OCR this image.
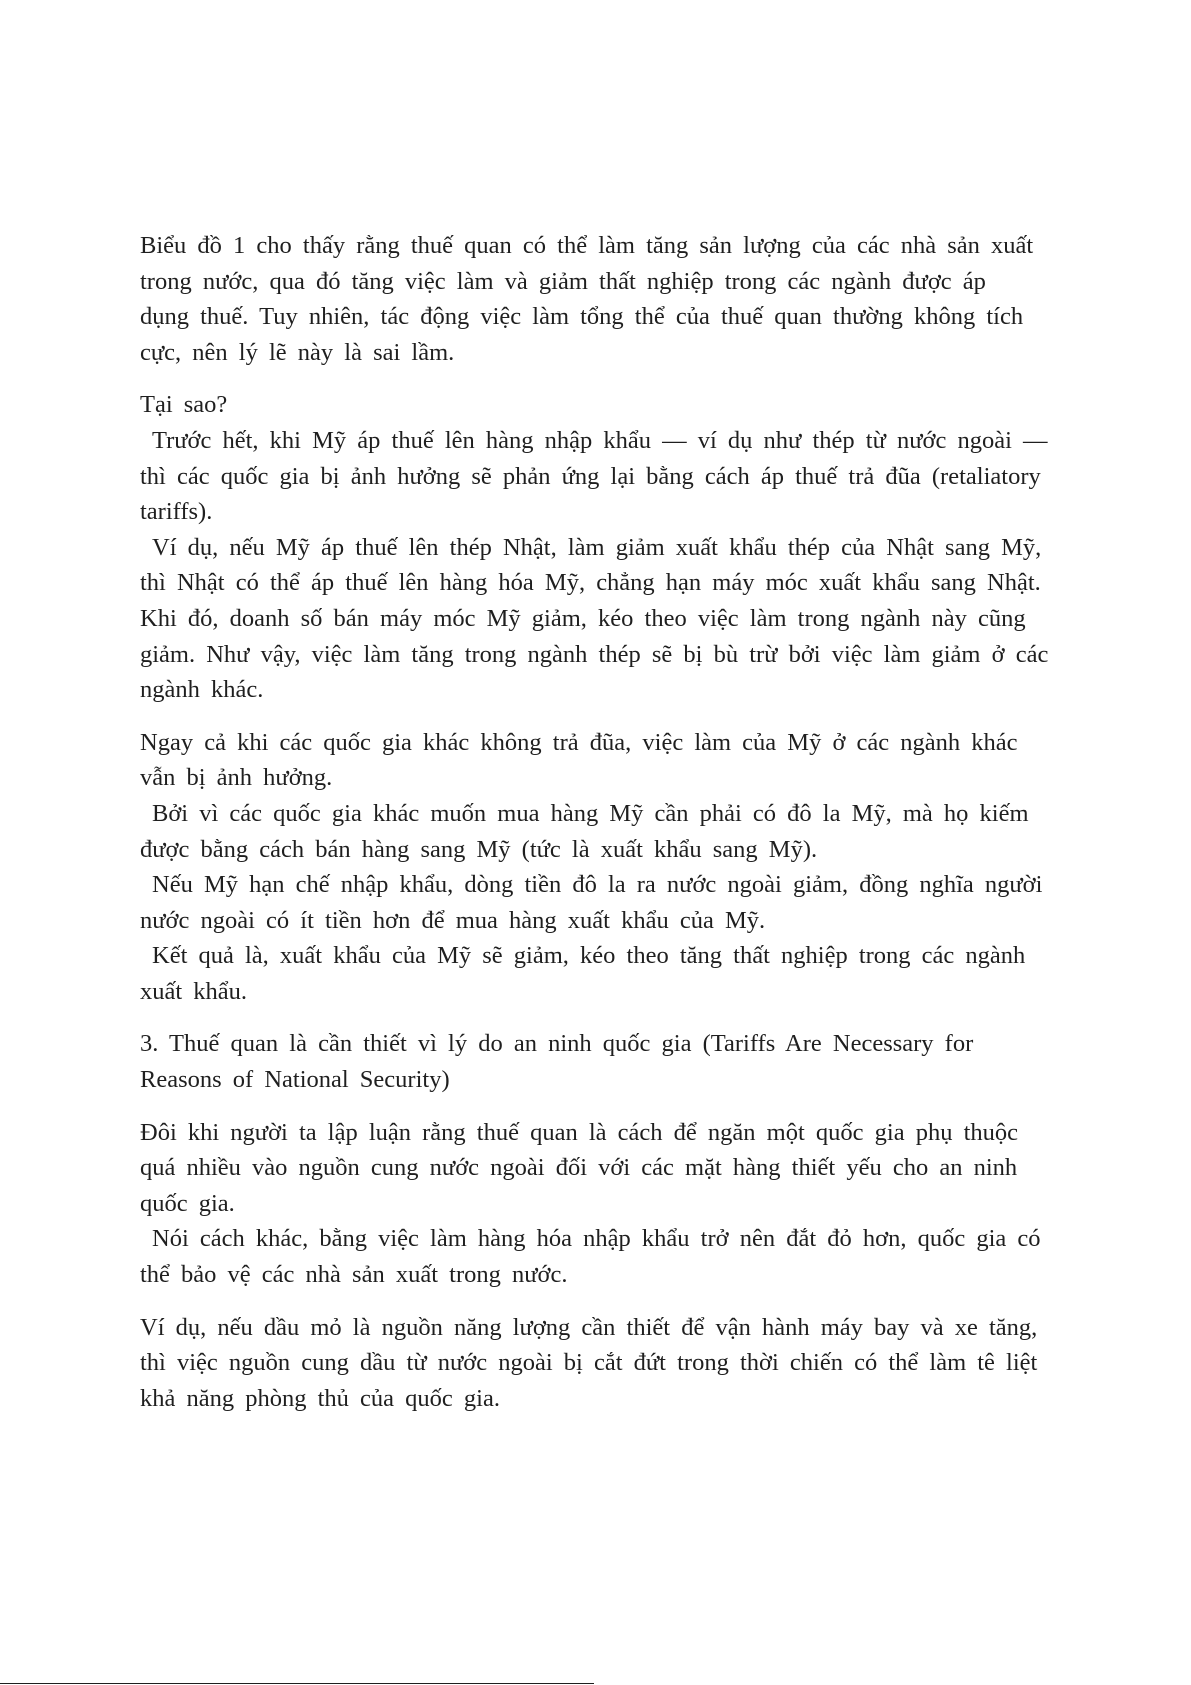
Biểu đồ 1 cho thấy rằng thuế quan có thể làm tăng sản lượng của các nhà sản xuất
trong nước, qua đó tăng việc làm và giảm thất nghiệp trong các ngành được áp
dụng thuế. Tuy nhiên, tác động việc làm tổng thể của thuế quan thường không tích
cực, nên lý lẽ này là sai lầm.
Tại sao?
Trước hết, khi Mỹ áp thuế lên hàng nhập khẩu — ví dụ như thép từ nước ngoài —
thì các quốc gia bị ảnh hưởng sẽ phản ứng lại bằng cách áp thuế trả đũa (retaliatory
tariffs).
Ví dụ, nếu Mỹ áp thuế lên thép Nhật, làm giảm xuất khẩu thép của Nhật sang Mỹ,
thì Nhật có thể áp thuế lên hàng hóa Mỹ, chẳng hạn máy móc xuất khẩu sang Nhật.
Khi đó, doanh số bán máy móc Mỹ giảm, kéo theo việc làm trong ngành này cũng
giảm. Như vậy, việc làm tăng trong ngành thép sẽ bị bù trừ bởi việc làm giảm ở các
ngành khác.
Ngay cả khi các quốc gia khác không trả đũa, việc làm của Mỹ ở các ngành khác
vẫn bị ảnh hưởng.
Bởi vì các quốc gia khác muốn mua hàng Mỹ cần phải có đô la Mỹ, mà họ kiếm
được bằng cách bán hàng sang Mỹ (tức là xuất khẩu sang Mỹ).
Nếu Mỹ hạn chế nhập khẩu, dòng tiền đô la ra nước ngoài giảm, đồng nghĩa người
nước ngoài có ít tiền hơn để mua hàng xuất khẩu của Mỹ.
Kết quả là, xuất khẩu của Mỹ sẽ giảm, kéo theo tăng thất nghiệp trong các ngành
xuất khẩu.
3. Thuế quan là cần thiết vì lý do an ninh quốc gia (Tariffs Are Necessary for
Reasons of National Security)
Đôi khi người ta lập luận rằng thuế quan là cách để ngăn một quốc gia phụ thuộc
quá nhiều vào nguồn cung nước ngoài đối với các mặt hàng thiết yếu cho an ninh
quốc gia.
Nói cách khác, bằng việc làm hàng hóa nhập khẩu trở nên đắt đỏ hơn, quốc gia có
thể bảo vệ các nhà sản xuất trong nước.
Ví dụ, nếu dầu mỏ là nguồn năng lượng cần thiết để vận hành máy bay và xe tăng,
thì việc nguồn cung dầu từ nước ngoài bị cắt đứt trong thời chiến có thể làm tê liệt
khả năng phòng thủ của quốc gia.
